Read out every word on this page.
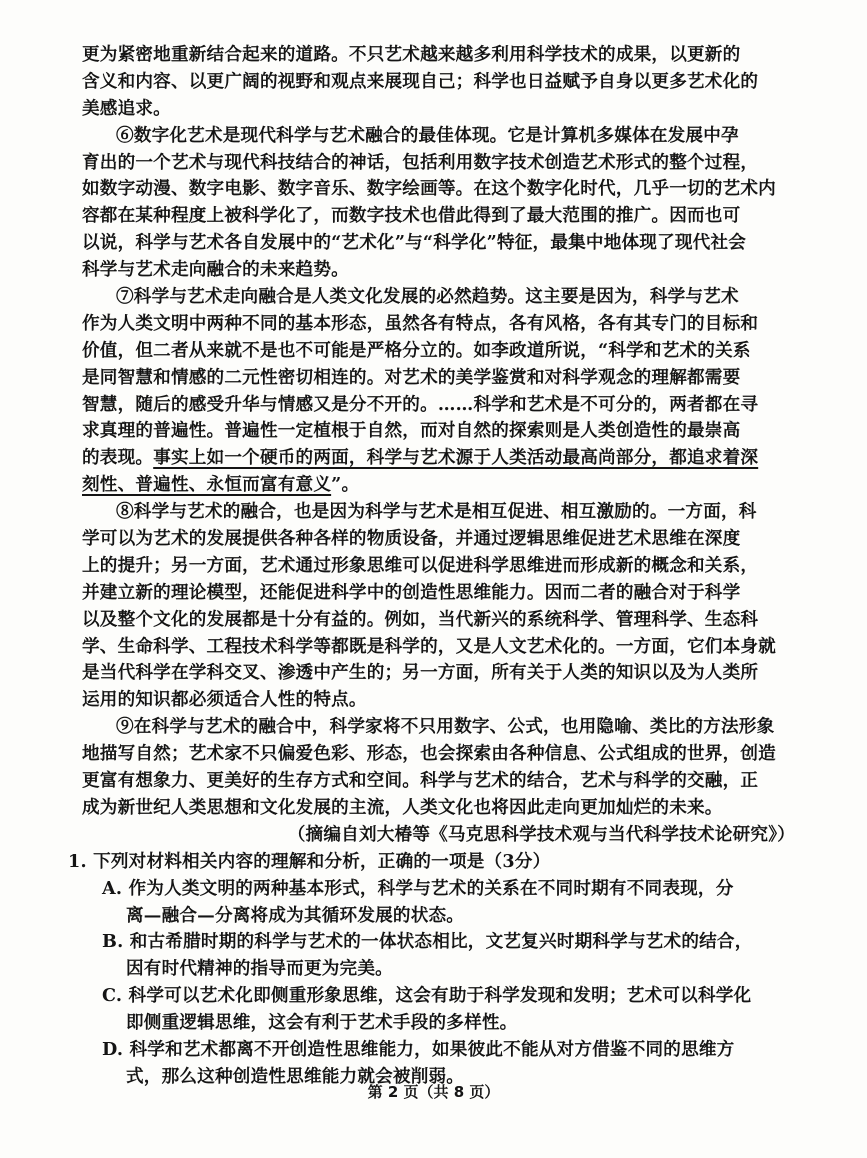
更为紧密地重新结合起来的道路。不只艺术越来越多利用科学技术的成果，以更新的
含义和内容、以更广阔的视野和观点来展现自己；科学也日益赋予自身以更多艺术化的
美感追求。
⑥数字化艺术是现代科学与艺术融合的最佳体现。它是计算机多媒体在发展中孕
育出的一个艺术与现代科技结合的神话，包括利用数字技术创造艺术形式的整个过程，
如数字动漫、数字电影、数字音乐、数字绘画等。在这个数字化时代，几乎一切的艺术内
容都在某种程度上被科学化了，而数字技术也借此得到了最大范围的推广。因而也可
以说，科学与艺术各自发展中的“艺术化”与“科学化”特征，最集中地体现了现代社会
科学与艺术走向融合的未来趋势。
⑦科学与艺术走向融合是人类文化发展的必然趋势。这主要是因为，科学与艺术
作为人类文明中两种不同的基本形态，虽然各有特点，各有风格，各有其专门的目标和
价值，但二者从来就不是也不可能是严格分立的。如李政道所说，“科学和艺术的关系
是同智慧和情感的二元性密切相连的。对艺术的美学鉴赏和对科学观念的理解都需要
智慧，随后的感受升华与情感又是分不开的。……科学和艺术是不可分的，两者都在寻
求真理的普遍性。普遍性一定植根于自然，而对自然的探索则是人类创造性的最崇高
的表现。事实上如一个硬币的两面，科学与艺术源于人类活动最高尚部分，都追求着深
刻性、普遍性、永恒而富有意义”。
⑧科学与艺术的融合，也是因为科学与艺术是相互促进、相互激励的。一方面，科
学可以为艺术的发展提供各种各样的物质设备，并通过逻辑思维促进艺术思维在深度
上的提升；另一方面，艺术通过形象思维可以促进科学思维进而形成新的概念和关系，
并建立新的理论模型，还能促进科学中的创造性思维能力。因而二者的融合对于科学
以及整个文化的发展都是十分有益的。例如，当代新兴的系统科学、管理科学、生态科
学、生命科学、工程技术科学等都既是科学的，又是人文艺术化的。一方面，它们本身就
是当代科学在学科交叉、渗透中产生的；另一方面，所有关于人类的知识以及为人类所
运用的知识都必须适合人性的特点。
⑨在科学与艺术的融合中，科学家将不只用数字、公式，也用隐喻、类比的方法形象
地描写自然；艺术家不只偏爱色彩、形态，也会探索由各种信息、公式组成的世界，创造
更富有想象力、更美好的生存方式和空间。科学与艺术的结合，艺术与科学的交融，正
成为新世纪人类思想和文化发展的主流，人类文化也将因此走向更加灿烂的未来。
（摘编自刘大椿等《马克思科学技术观与当代科学技术论研究》）
1. 下列对材料相关内容的理解和分析，正确的一项是（3分）
A. 作为人类文明的两种基本形式，科学与艺术的关系在不同时期有不同表现，分
离—融合—分离将成为其循环发展的状态。
B. 和古希腊时期的科学与艺术的一体状态相比，文艺复兴时期科学与艺术的结合，
因有时代精神的指导而更为完美。
C. 科学可以艺术化即侧重形象思维，这会有助于科学发现和发明；艺术可以科学化
即侧重逻辑思维，这会有利于艺术手段的多样性。
D. 科学和艺术都离不开创造性思维能力，如果彼此不能从对方借鉴不同的思维方
式，那么这种创造性思维能力就会被削弱。
第 2 页（共 8 页）
